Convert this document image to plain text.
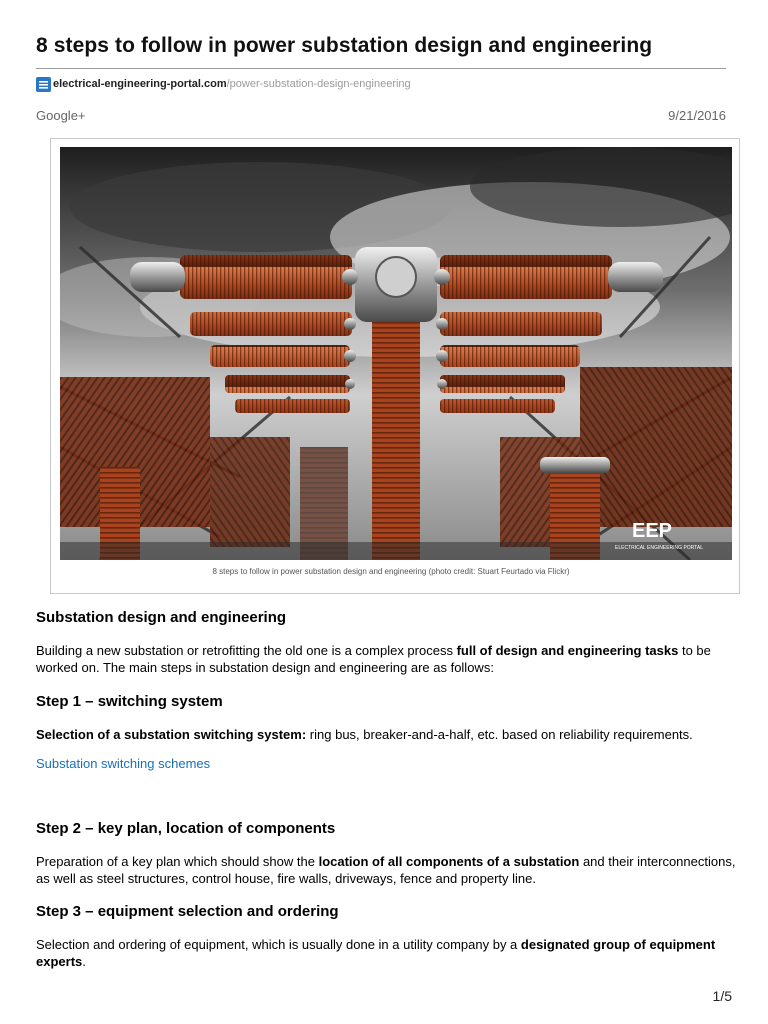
8 steps to follow in power substation design and engineering
electrical-engineering-portal.com /power-substation-design-engineering
Google+	9/21/2016
EEP
ELECTRICAL ENGINEERING PORTAL
8 steps to follow in power substation design and engineering (photo credit: Stuart Feurtado via Flickr)
Substation design and engineering

Building a new substation or retrofitting the old one is a complex process full of design and engineering tasks to be worked on. The main steps in substation design and engineering are as follows:

Step 1 – switching system

Selection of a substation switching system: ring bus, breaker-and-a-half, etc. based on reliability requirements.

Substation switching schemes
Step 2 – key plan, location of components

Preparation of a key plan which should show the location of all components of a substation and their interconnections, as well as steel structures, control house, fire walls, driveways, fence and property line.

Step 3 – equipment selection and ordering

Selection and ordering of equipment, which is usually done in a utility company by a designated group of equipment experts.

1/5
